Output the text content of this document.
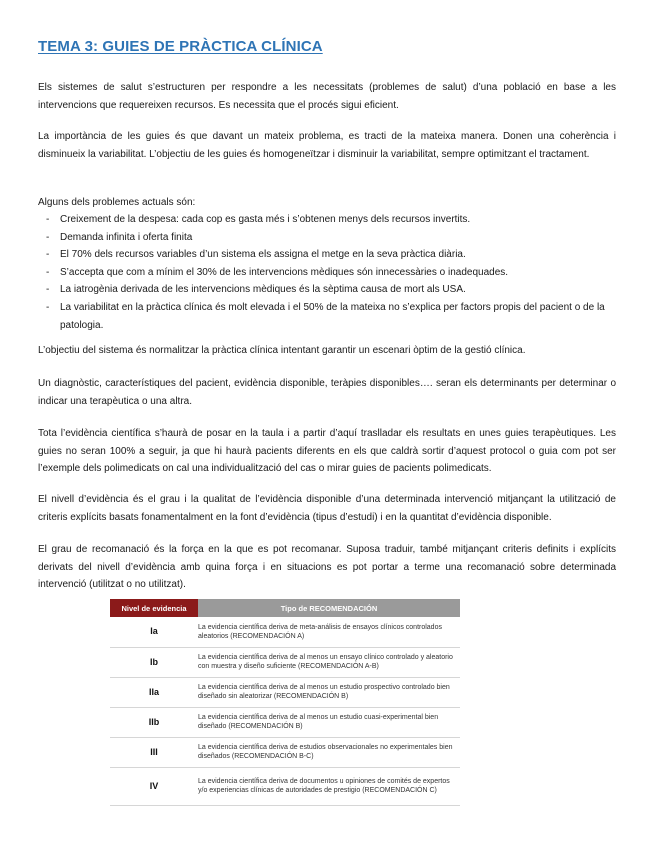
TEMA 3: GUIES DE PRÀCTICA CLÍNICA

Els sistemes de salut s’estructuren per respondre a les necessitats (problemes de salut) d’una població en base a les intervencions que requereixen recursos. Es necessita que el procés sigui eficient.

La importància de les guies és que davant un mateix problema, es tracti de la mateixa manera. Donen una coherència i disminueix la variabilitat. L’objectiu de les guies és homogeneïtzar i disminuir la variabilitat, sempre optimitzant el tractament.

Alguns dels problemes actuals són:

- Creixement de la despesa: cada cop es gasta més i s’obtenen menys dels recursos invertits.
- Demanda infinita i oferta finita
- El 70% dels recursos variables d’un sistema els assigna el metge en la seva pràctica diària.
- S’accepta que com a mínim el 30% de les intervencions mèdiques són innecessàries o inadequades.
- La iatrogènia derivada de les intervencions mèdiques és la sèptima causa de mort als USA.
- La variabilitat en la pràctica clínica és molt elevada i el 50% de la mateixa no s’explica per factors propis del pacient o de la patologia.

L’objectiu del sistema és normalitzar la pràctica clínica intentant garantir un escenari òptim de la gestió clínica.

Un diagnòstic, característiques del pacient, evidència disponible, teràpies disponibles…. seran els determinants per determinar o indicar una terapèutica o una altra.

Tota l’evidència científica s’haurà de posar en la taula i a partir d’aquí traslladar els resultats en unes guies terapèutiques. Les guies no seran 100% a seguir, ja que hi haurà pacients diferents en els que caldrà sortir d’aquest protocol o guia com pot ser l’exemple dels polimedicats on cal una individualització del cas o mirar guies de pacients polimedicats.

El nivell d’evidència és el grau i la qualitat de l’evidència disponible d’una determinada intervenció mitjançant la utilització de criteris explícits basats fonamentalment en la font d’evidència (tipus d’estudi) i en la quantitat d’evidència disponible.

El grau de recomanació és la força en la que es pot recomanar. Suposa traduir, també mitjançant criteris definits i explícits derivats del nivell d’evidència amb quina força i en situacions es pot portar a terme una recomanació sobre determinada intervenció (utilitzat o no utilitzat).

Nivel de evidencia	Tipo de RECOMENDACIÓN
Ia	La evidencia científica deriva de meta-análisis de ensayos clínicos controlados aleatorios (RECOMENDACIÓN A)
Ib	La evidencia científica deriva de al menos un ensayo clínico controlado y aleatorio con muestra y diseño suficiente (RECOMENDACIÓN A-B)
IIa	La evidencia científica deriva de al menos un estudio prospectivo controlado bien diseñado sin aleatorizar (RECOMENDACIÓN B)
IIb	La evidencia científica deriva de al menos un estudio cuasi-experimental bien diseñado (RECOMENDACIÓN B)
III	La evidencia científica deriva de estudios observacionales no experimentales bien diseñados (RECOMENDACIÓN B-C)
IV	La evidencia científica deriva de documentos u opiniones de comités de expertos y/o experiencias clínicas de autoridades de prestigio (RECOMENDACIÓN C)
